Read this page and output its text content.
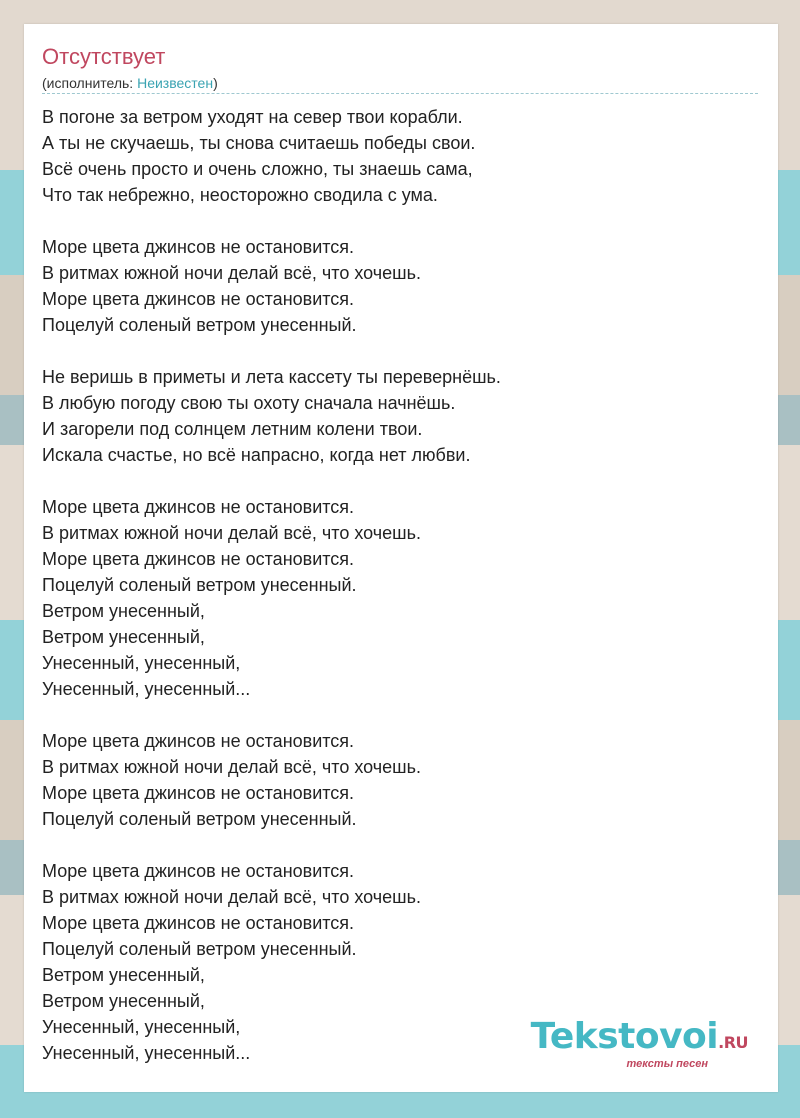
Отсутствует
(исполнитель: Неизвестен)
В погоне за ветром уходят на север твои корабли.
А ты не скучаешь, ты снова считаешь победы свои.
Всё очень просто и очень сложно, ты знаешь сама,
Что так небрежно, неосторожно сводила с ума.
Море цвета джинсов не остановится.
В ритмах южной ночи делай всё, что хочешь.
Море цвета джинсов не остановится.
Поцелуй соленый ветром унесенный.
Не веришь в приметы и лета кассету ты перевернёшь.
В любую погоду свою ты охоту сначала начнёшь.
И загорели под солнцем летним колени твои.
Искала счастье, но всё напрасно, когда нет любви.
Море цвета джинсов не остановится.
В ритмах южной ночи делай всё, что хочешь.
Море цвета джинсов не остановится.
Поцелуй соленый ветром унесенный.
Ветром унесенный,
Ветром унесенный,
Унесенный, унесенный,
Унесенный, унесенный...
Море цвета джинсов не остановится.
В ритмах южной ночи делай всё, что хочешь.
Море цвета джинсов не остановится.
Поцелуй соленый ветром унесенный.
Море цвета джинсов не остановится.
В ритмах южной ночи делай всё, что хочешь.
Море цвета джинсов не остановится.
Поцелуй соленый ветром унесенный.
Ветром унесенный,
Ветром унесенный,
Унесенный, унесенный,
Унесенный, унесенный...	Tekstovoi.RU
тексты песен
